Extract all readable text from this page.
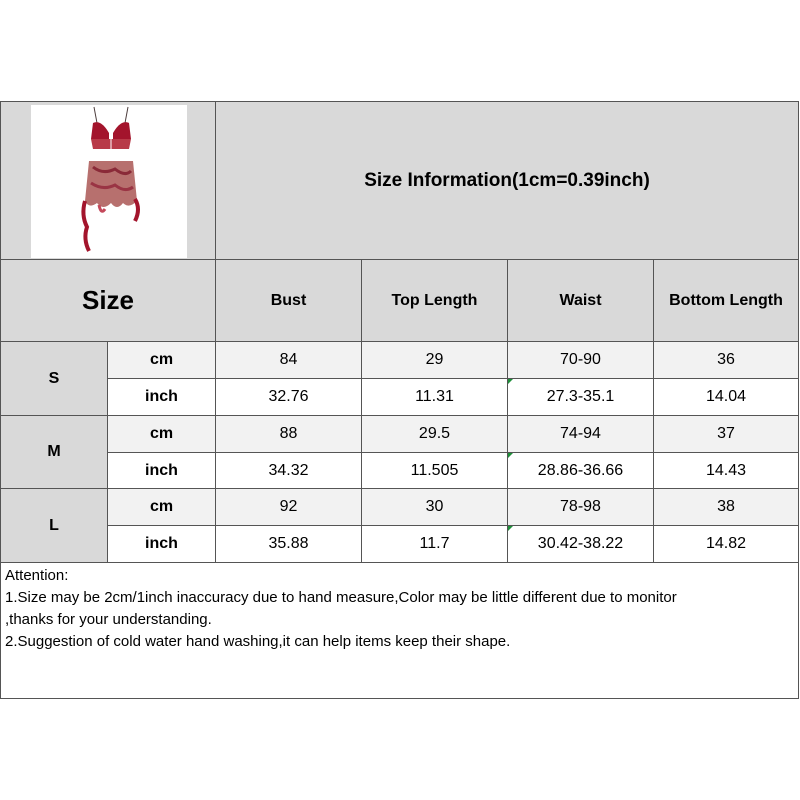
Size Information(1cm=0.39inch)
Size	Bust	Top Length	Waist	Bottom Length
S
cm	84	29	70-90	36
inch	32.76	11.31	27.3-35.1	14.04
M
cm	88	29.5	74-94	37
inch	34.32	11.505	28.86-36.66	14.43
L
cm	92	30	78-98	38
inch	35.88	11.7	30.42-38.22	14.82
Attention:
1.Size may be 2cm/1inch inaccuracy due to hand measure,Color may be little different due to monitor
,thanks for your understanding.
2.Suggestion of cold water hand washing,it can help items keep their shape.
